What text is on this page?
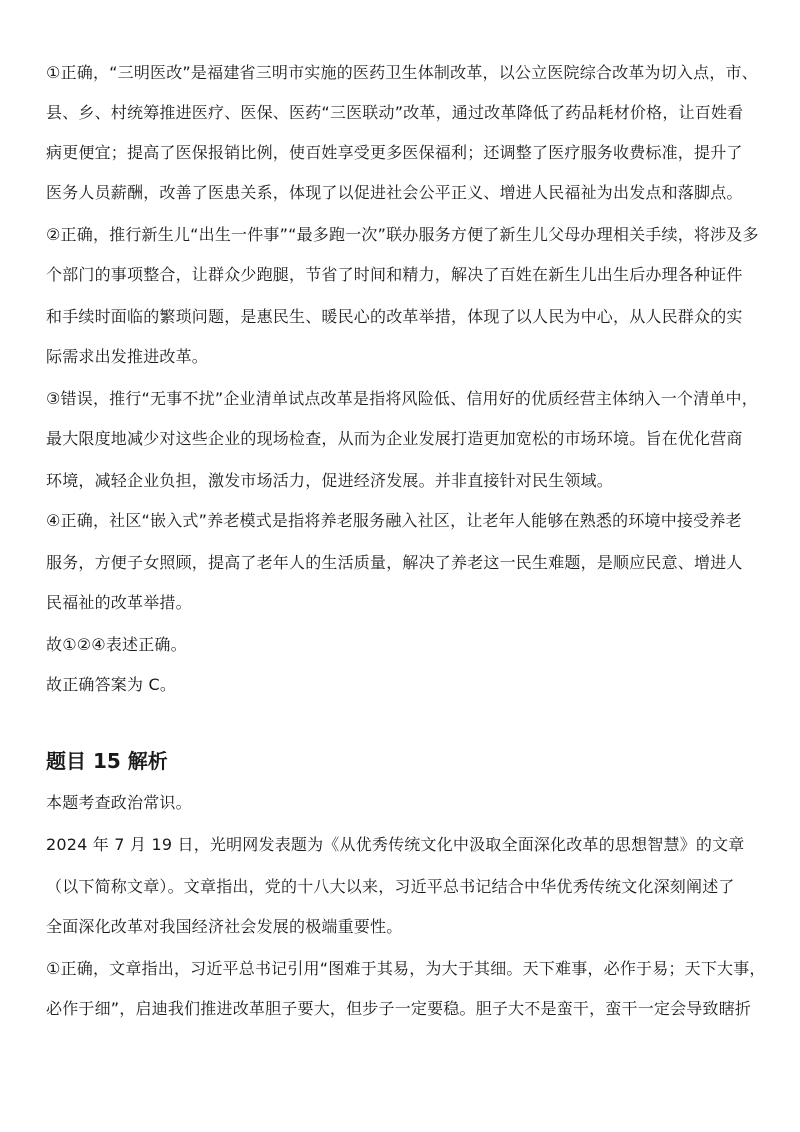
①正确，“三明医改”是福建省三明市实施的医药卫生体制改革，以公立医院综合改革为切入点，市、
县、乡、村统筹推进医疗、医保、医药“三医联动”改革，通过改革降低了药品耗材价格，让百姓看
病更便宜；提高了医保报销比例，使百姓享受更多医保福利；还调整了医疗服务收费标准，提升了
医务人员薪酬，改善了医患关系，体现了以促进社会公平正义、增进人民福祉为出发点和落脚点。
②正确，推行新生儿“出生一件事”“最多跑一次”联办服务方便了新生儿父母办理相关手续，将涉及多
个部门的事项整合，让群众少跑腿，节省了时间和精力，解决了百姓在新生儿出生后办理各种证件
和手续时面临的繁琐问题，是惠民生、暖民心的改革举措，体现了以人民为中心，从人民群众的实
际需求出发推进改革。
③错误，推行“无事不扰”企业清单试点改革是指将风险低、信用好的优质经营主体纳入一个清单中，
最大限度地减少对这些企业的现场检查，从而为企业发展打造更加宽松的市场环境。旨在优化营商
环境，减轻企业负担，激发市场活力，促进经济发展。并非直接针对民生领域。
④正确，社区“嵌入式”养老模式是指将养老服务融入社区，让老年人能够在熟悉的环境中接受养老
服务，方便子女照顾，提高了老年人的生活质量，解决了养老这一民生难题，是顺应民意、增进人
民福祉的改革举措。
故①②④表述正确。
故正确答案为 C。
题目 15 解析
本题考查政治常识。
2024 年 7 月 19 日，光明网发表题为《从优秀传统文化中汲取全面深化改革的思想智慧》的文章
（以下简称文章）。文章指出，党的十八大以来，习近平总书记结合中华优秀传统文化深刻阐述了
全面深化改革对我国经济社会发展的极端重要性。
①正确，文章指出，习近平总书记引用“图难于其易，为大于其细。天下难事，必作于易；天下大事，
必作于细”，启迪我们推进改革胆子要大，但步子一定要稳。胆子大不是蛮干，蛮干一定会导致瞎折
